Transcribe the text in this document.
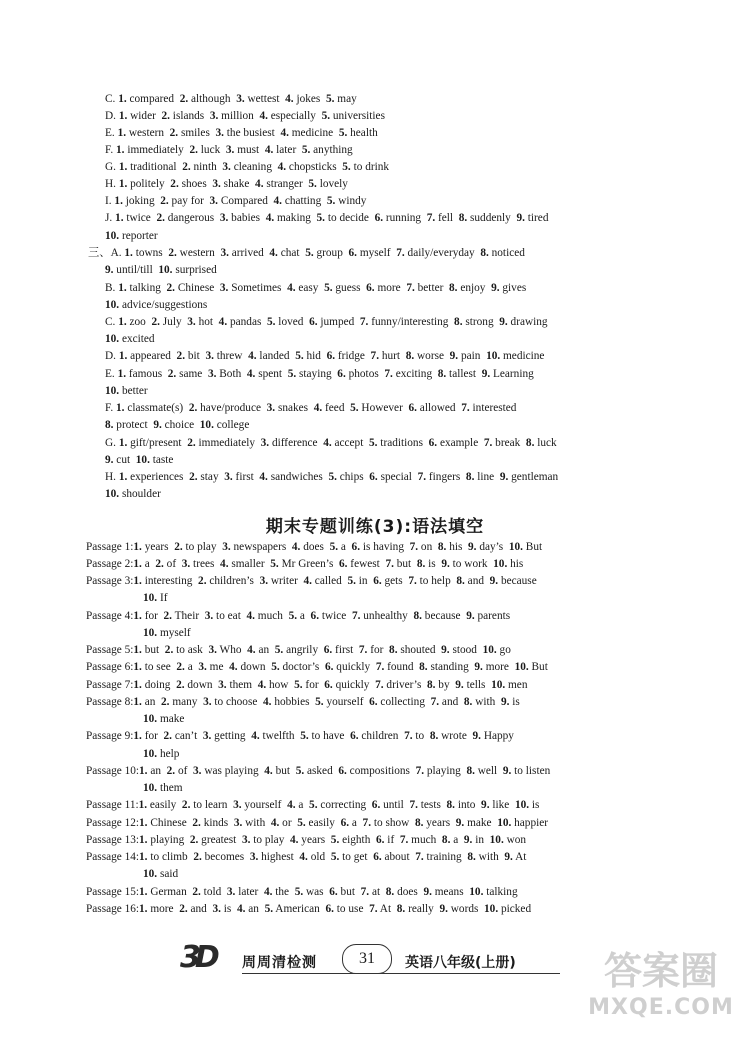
C. 1. compared  2. although  3. wettest  4. jokes  5. may
D. 1. wider  2. islands  3. million  4. especially  5. universities
E. 1. western  2. smiles  3. the busiest  4. medicine  5. health
F. 1. immediately  2. luck  3. must  4. later  5. anything
G. 1. traditional  2. ninth  3. cleaning  4. chopsticks  5. to drink
H. 1. politely  2. shoes  3. shake  4. stranger  5. lovely
I. 1. joking  2. pay for  3. Compared  4. chatting  5. windy
J. 1. twice  2. dangerous  3. babies  4. making  5. to decide  6. running  7. fell  8. suddenly  9. tired
10. reporter
三、A. 1. towns  2. western  3. arrived  4. chat  5. group  6. myself  7. daily/everyday  8. noticed
9. until/till  10. surprised
B. 1. talking  2. Chinese  3. Sometimes  4. easy  5. guess  6. more  7. better  8. enjoy  9. gives
10. advice/suggestions
C. 1. zoo  2. July  3. hot  4. pandas  5. loved  6. jumped  7. funny/interesting  8. strong  9. drawing
10. excited
D. 1. appeared  2. bit  3. threw  4. landed  5. hid  6. fridge  7. hurt  8. worse  9. pain  10. medicine
E. 1. famous  2. same  3. Both  4. spent  5. staying  6. photos  7. exciting  8. tallest  9. Learning
10. better
F. 1. classmate(s)  2. have/produce  3. snakes  4. feed  5. However  6. allowed  7. interested
8. protect  9. choice  10. college
G. 1. gift/present  2. immediately  3. difference  4. accept  5. traditions  6. example  7. break  8. luck
9. cut  10. taste
H. 1. experiences  2. stay  3. first  4. sandwiches  5. chips  6. special  7. fingers  8. line  9. gentleman
10. shoulder
Passage 1:1. years  2. to play  3. newspapers  4. does  5. a  6. is having  7. on  8. his  9. day’s  10. But
Passage 2:1. a  2. of  3. trees  4. smaller  5. Mr Green’s  6. fewest  7. but  8. is  9. to work  10. his
Passage 3:1. interesting  2. children’s  3. writer  4. called  5. in  6. gets  7. to help  8. and  9. because
10. If
Passage 4:1. for  2. Their  3. to eat  4. much  5. a  6. twice  7. unhealthy  8. because  9. parents
10. myself
Passage 5:1. but  2. to ask  3. Who  4. an  5. angrily  6. first  7. for  8. shouted  9. stood  10. go
Passage 6:1. to see  2. a  3. me  4. down  5. doctor’s  6. quickly  7. found  8. standing  9. more  10. But
Passage 7:1. doing  2. down  3. them  4. how  5. for  6. quickly  7. driver’s  8. by  9. tells  10. men
Passage 8:1. an  2. many  3. to choose  4. hobbies  5. yourself  6. collecting  7. and  8. with  9. is
10. make
Passage 9:1. for  2. can’t  3. getting  4. twelfth  5. to have  6. children  7. to  8. wrote  9. Happy
10. help
Passage 10:1. an  2. of  3. was playing  4. but  5. asked  6. compositions  7. playing  8. well  9. to listen
10. them
Passage 11:1. easily  2. to learn  3. yourself  4. a  5. correcting  6. until  7. tests  8. into  9. like  10. is
Passage 12:1. Chinese  2. kinds  3. with  4. or  5. easily  6. a  7. to show  8. years  9. make  10. happier
Passage 13:1. playing  2. greatest  3. to play  4. years  5. eighth  6. if  7. much  8. a  9. in  10. won
Passage 14:1. to climb  2. becomes  3. highest  4. old  5. to get  6. about  7. training  8. with  9. At
10. said
Passage 15:1. German  2. told  3. later  4. the  5. was  6. but  7. at  8. does  9. means  10. talking
Passage 16:1. more  2. and  3. is  4. an  5. American  6. to use  7. At  8. really  9. words  10. picked
期末专题训练(3):语法填空
3D	周周清检测	31	英语八年级(上册)	答案圈
MXQE.COM
